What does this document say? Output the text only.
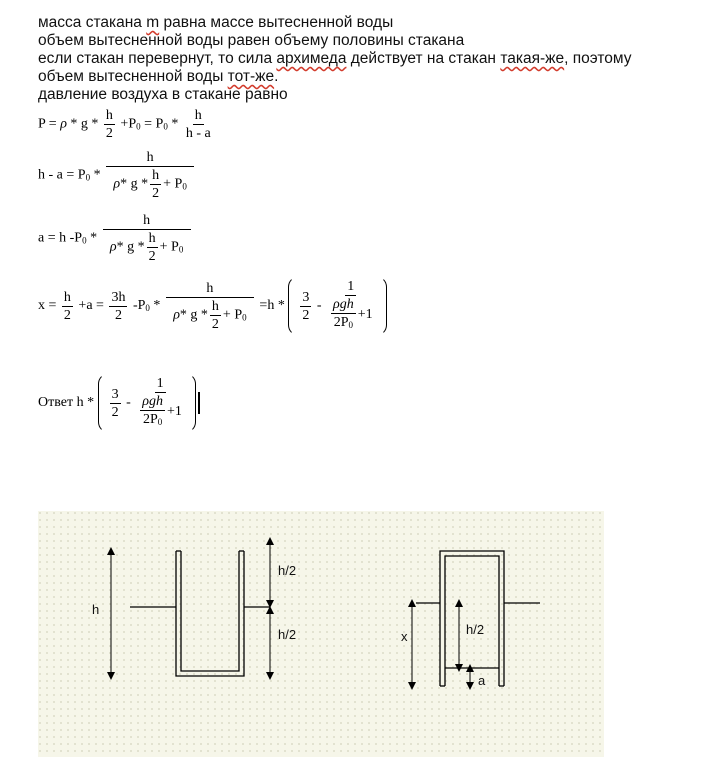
масса стакана m равна массе вытесненной воды
объем вытесненной воды равен объему половины стакана
если стакан перевернут, то сила архимеда действует на стакан такая-же, поэтому
объем вытесненной воды тот-же.
давление воздуха в стакане равно
$P = \rho * g * \frac{h}{2} +P_0 = P_0 * \frac{h}{h - a}$
$h - a = P_0 * \frac{h}{\rho* g * \frac{h}{2} + P_0}$
a = h $-P_0 * \frac{h}{\rho* g * \frac{h}{2} + P_0}$
$x = \frac{h}{2} +a = \frac{3h}{2} -P_0 * \frac{h}{\rho* g * \frac{h}{2} + P_0} =h * \frac{3}{2}$ -
1
ρgh
$2P_0$
+1
Ответ h * $\frac{3}{2}$ -
1
ρgh
$2P_0$
+1
h
h/2
h/2	x	h/2
a
